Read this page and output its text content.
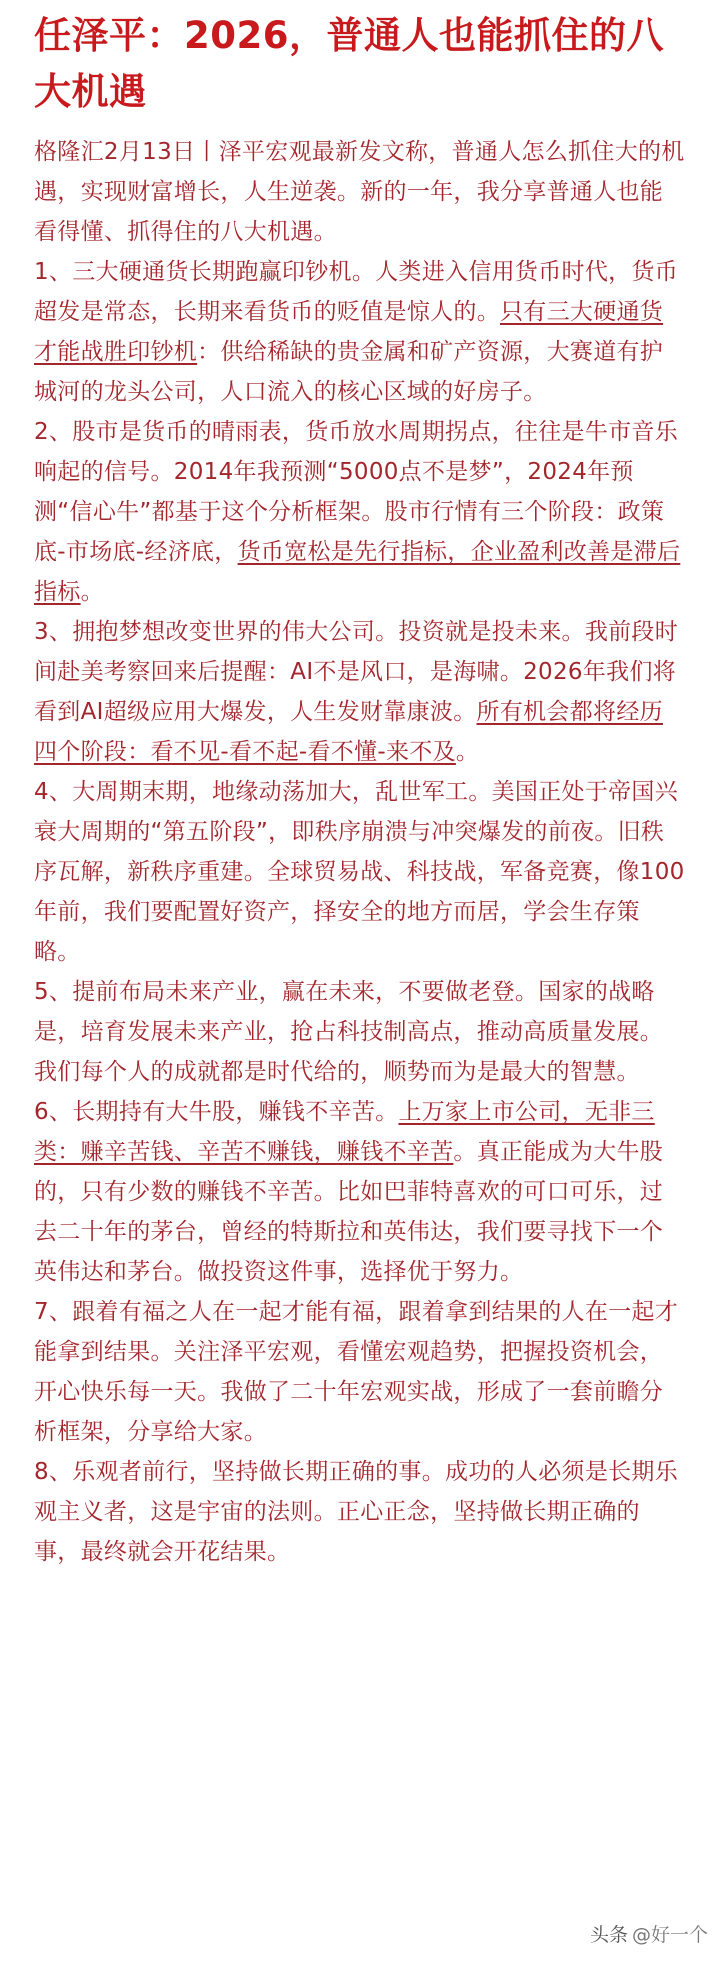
任泽平：2026，普通人也能抓住的八大机遇

格隆汇2月13日丨泽平宏观最新发文称，普通人怎么抓住大的机遇，实现财富增长，人生逆袭。新的一年，我分享普通人也能看得懂、抓得住的八大机遇。

1、三大硬通货长期跑赢印钞机。人类进入信用货币时代，货币超发是常态，长期来看货币的贬值是惊人的。只有三大硬通货才能战胜印钞机：供给稀缺的贵金属和矿产资源，大赛道有护城河的龙头公司，人口流入的核心区域的好房子。

2、股市是货币的晴雨表，货币放水周期拐点，往往是牛市音乐响起的信号。2014年我预测“5000点不是梦”，2024年预测“信心牛”都基于这个分析框架。股市行情有三个阶段：政策底-市场底-经济底，货币宽松是先行指标，企业盈利改善是滞后指标。

3、拥抱梦想改变世界的伟大公司。投资就是投未来。我前段时间赴美考察回来后提醒：AI不是风口，是海啸。2026年我们将看到AI超级应用大爆发，人生发财靠康波。所有机会都将经历四个阶段：看不见-看不起-看不懂-来不及。

4、大周期末期，地缘动荡加大，乱世军工。美国正处于帝国兴衰大周期的“第五阶段”，即秩序崩溃与冲突爆发的前夜。旧秩序瓦解，新秩序重建。全球贸易战、科技战，军备竞赛，像100年前，我们要配置好资产，择安全的地方而居，学会生存策略。

5、提前布局未来产业，赢在未来，不要做老登。国家的战略是，培育发展未来产业，抢占科技制高点，推动高质量发展。我们每个人的成就都是时代给的，顺势而为是最大的智慧。

6、长期持有大牛股，赚钱不辛苦。上万家上市公司，无非三类：赚辛苦钱、辛苦不赚钱，赚钱不辛苦。真正能成为大牛股的，只有少数的赚钱不辛苦。比如巴菲特喜欢的可口可乐，过去二十年的茅台，曾经的特斯拉和英伟达，我们要寻找下一个英伟达和茅台。做投资这件事，选择优于努力。

7、跟着有福之人在一起才能有福，跟着拿到结果的人在一起才能拿到结果。关注泽平宏观，看懂宏观趋势，把握投资机会，开心快乐每一天。我做了二十年宏观实战，形成了一套前瞻分析框架，分享给大家。

8、乐观者前行，坚持做长期正确的事。成功的人必须是长期乐观主义者，这是宇宙的法则。正心正念，坚持做长期正确的事，最终就会开花结果。

头条 @好一个
